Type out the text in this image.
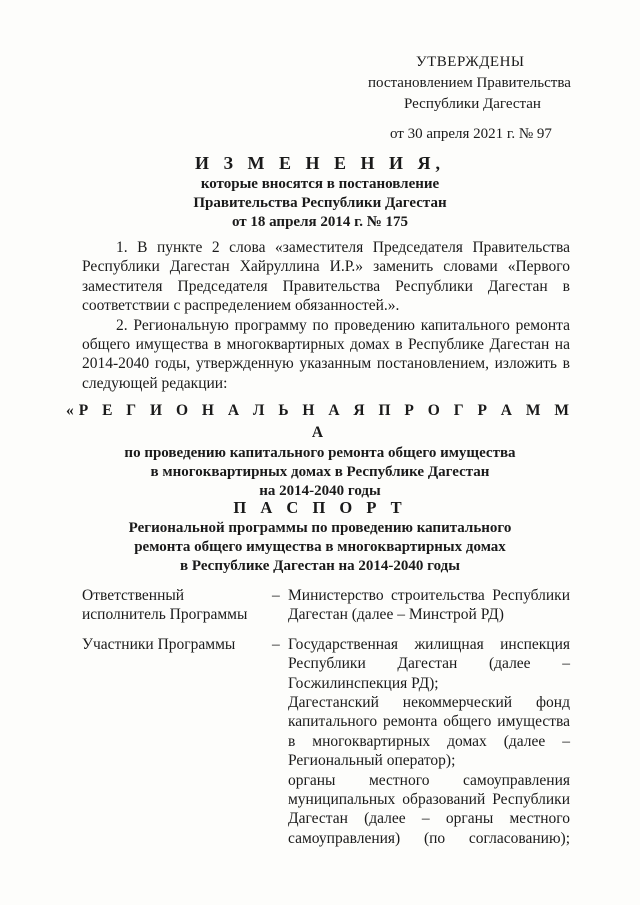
УТВЕРЖДЕНЫ
постановлением Правительства
Республики Дагестан
от 30 апреля 2021 г. № 97
И З М Е Н Е Н И Я,
которые вносятся в постановление
Правительства Республики Дагестан
от 18 апреля 2014 г. № 175

1. В пункте 2 слова «заместителя Председателя Правительства Республики Дагестан Хайруллина И.Р.» заменить словами «Первого заместителя Председателя Правительства Республики Дагестан в соответствии с распределением обязанностей.».

2. Региональную программу по проведению капитального ремонта общего имущества в многоквартирных домах в Республике Дагестан на 2014-2040 годы, утвержденную указанным постановлением, изложить в следующей редакции:

«Р Е Г И О Н А Л Ь Н А Я П Р О Г Р А М М А
по проведению капитального ремонта общего имущества
в многоквартирных домах в Республике Дагестан
на 2014-2040 годы
П А С П О Р Т
Региональной программы по проведению капитального
ремонта общего имущества в многоквартирных домах
в Республике Дагестан на 2014-2040 годы
Ответственный
исполнитель Программы
– Министерство строительства Республики
Дагестан (далее – Минстрой РД)
Участники Программы	– Государственная жилищная инспекция
Республики Дагестан (далее –
Госжилинспекция РД);
Дагестанский некоммерческий фонд
капитального ремонта общего имущества
в многоквартирных домах (далее –
Региональный оператор);
органы местного самоуправления
муниципальных образований Республики
Дагестан (далее – органы местного
самоуправления) (по согласованию);
